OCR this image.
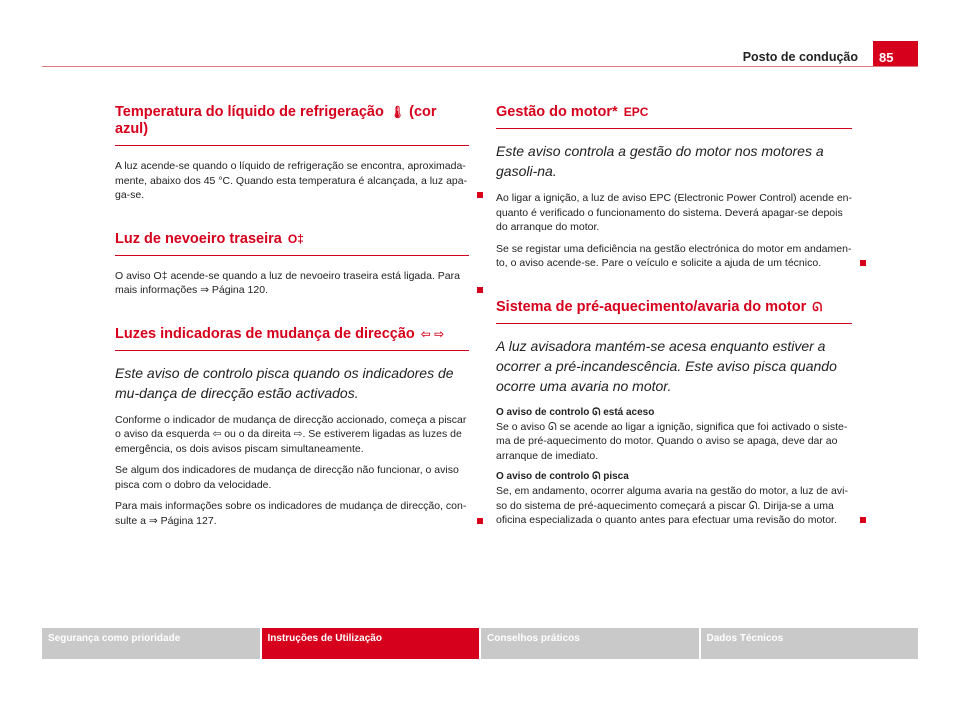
Posto de condução	85
Temperatura do líquido de refrigeração 🌡 (cor azul)

A luz acende-se quando o líquido de refrigeração se encontra, aproximada-mente, abaixo dos 45 °C. Quando esta temperatura é alcançada, a luz apa-ga-se.

Luz de nevoeiro traseira O‡

O aviso O‡ acende-se quando a luz de nevoeiro traseira está ligada. Para mais informações ⇒ Página 120.

Luzes indicadoras de mudança de direcção ⇦ ⇨
Este aviso de controlo pisca quando os indicadores de mu-dança de direcção estão activados.

Conforme o indicador de mudança de direcção accionado, começa a piscar o aviso da esquerda ⇦ ou o da direita ⇨. Se estiverem ligadas as luzes de emergência, os dois avisos piscam simultaneamente.

Se algum dos indicadores de mudança de direcção não funcionar, o aviso pisca com o dobro da velocidade.

Para mais informações sobre os indicadores de mudança de direcção, con-sulte a ⇒ Página 127.

Gestão do motor* EPC
Este aviso controla a gestão do motor nos motores a gasoli-na.

Ao ligar a ignição, a luz de aviso EPC (Electronic Power Control) acende en-quanto é verificado o funcionamento do sistema. Deverá apagar-se depois do arranque do motor.

Se se registar uma deficiência na gestão electrónica do motor em andamen-to, o aviso acende-se. Pare o veículo e solicite a ajuda de um técnico.

Sistema de pré-aquecimento/avaria do motor ᘏ
A luz avisadora mantém-se acesa enquanto estiver a ocorrer a pré-incandescência. Este aviso pisca quando ocorre uma avaria no motor.
O aviso de controlo ᘏ está aceso

Se o aviso ᘏ se acende ao ligar a ignição, significa que foi activado o siste-ma de pré-aquecimento do motor. Quando o aviso se apaga, deve dar ao arranque de imediato.

O aviso de controlo ᘏ pisca

Se, em andamento, ocorrer alguma avaria na gestão do motor, a luz de avi-so do sistema de pré-aquecimento começará a piscar ᘏ. Dirija-se a uma oficina especializada o quanto antes para efectuar uma revisão do motor.

Segurança como prioridade	Instruções de Utilização	Conselhos práticos	Dados Técnicos
